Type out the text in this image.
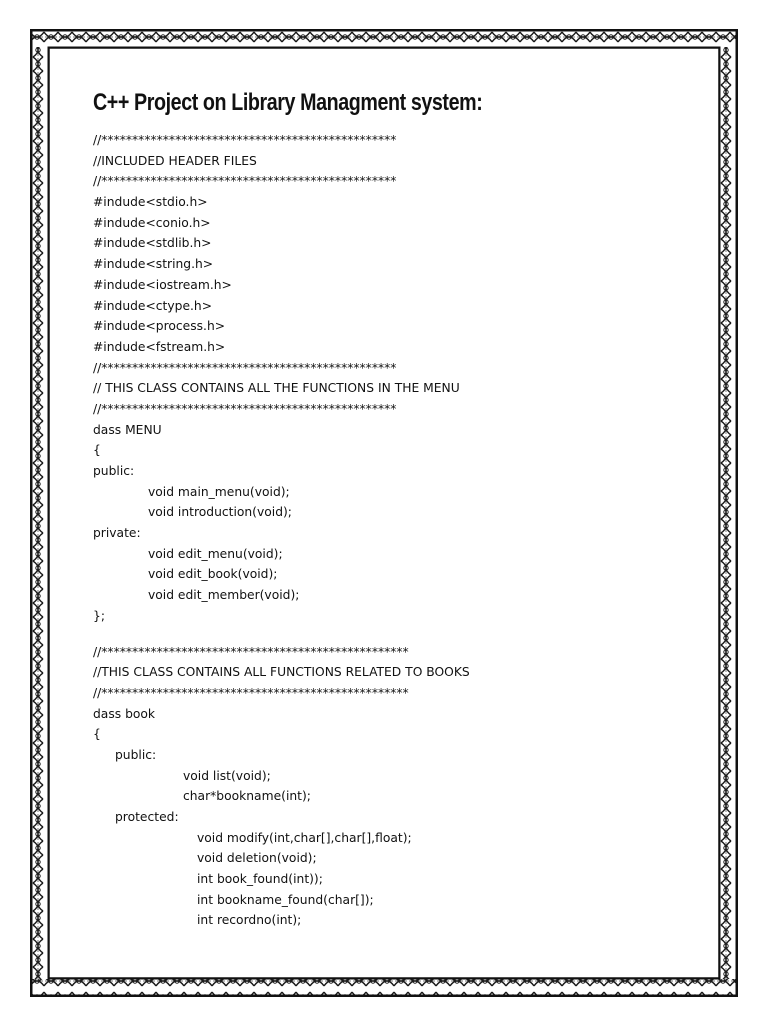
C++ Project on Library Managment system:
//************************************************
//INCLUDED HEADER FILES
//************************************************
#indude<stdio.h>
#indude<conio.h>
#indude<stdlib.h>
#indude<string.h>
#indude<iostream.h>
#indude<ctype.h>
#indude<process.h>
#indude<fstream.h>
//************************************************
// THIS CLASS CONTAINS ALL THE FUNCTIONS IN THE MENU
//************************************************
dass MENU
{
public:
void main_menu(void);
void introduction(void);
private:
void edit_menu(void);
void edit_book(void);
void edit_member(void);
};
//**************************************************
//THIS CLASS CONTAINS ALL FUNCTIONS RELATED TO BOOKS
//**************************************************
dass book
{
public:
void list(void);
char*bookname(int);
protected:
void modify(int,char[],char[],float);
void deletion(void);
int book_found(int));
int bookname_found(char[]);
int recordno(int);
